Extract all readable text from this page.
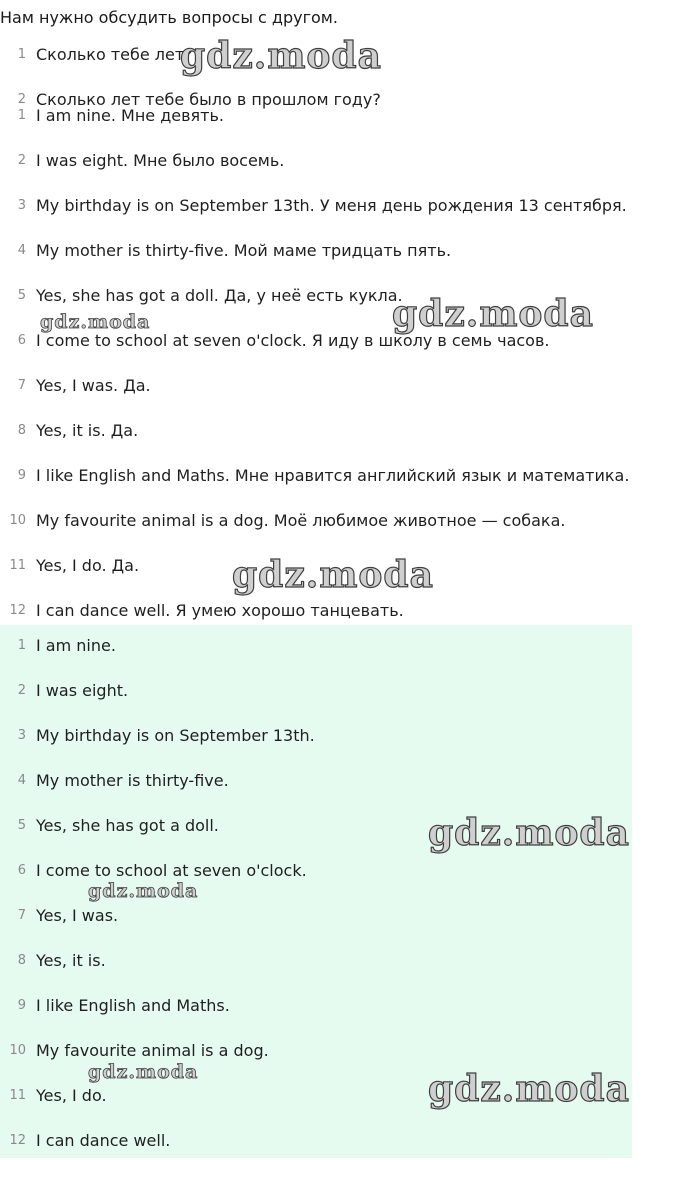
Нам нужно обсудить вопросы с другом.
1 Сколько тебе лет?
2 Сколько лет тебе было в прошлом году?
1 I am nine. Мне девять.
2 I was eight. Мне было восемь.
3 My birthday is on September 13th. У меня день рождения 13 сентября.
4 My mother is thirty-five. Мой маме тридцать пять.
5 Yes, she has got a doll. Да, у неё есть кукла.
6 I come to school at seven o'clock. Я иду в школу в семь часов.
7 Yes, I was. Да.
8 Yes, it is. Да.
9 I like English and Maths. Мне нравится английский язык и математика.
10 My favourite animal is a dog. Моё любимое животное — собака.
11 Yes, I do. Да.
12 I can dance well. Я умею хорошо танцевать.
1 I am nine.
2 I was eight.
3 My birthday is on September 13th.
4 My mother is thirty-five.
5 Yes, she has got a doll.
6 I come to school at seven o'clock.
7 Yes, I was.
8 Yes, it is.
9 I like English and Maths.
10 My favourite animal is a dog.
11 Yes, I do.
12 I can dance well.
gdz.moda
gdz.moda
gdz.moda
gdz.moda
gdz.moda
gdz.moda
gdz.moda	gdz.moda
